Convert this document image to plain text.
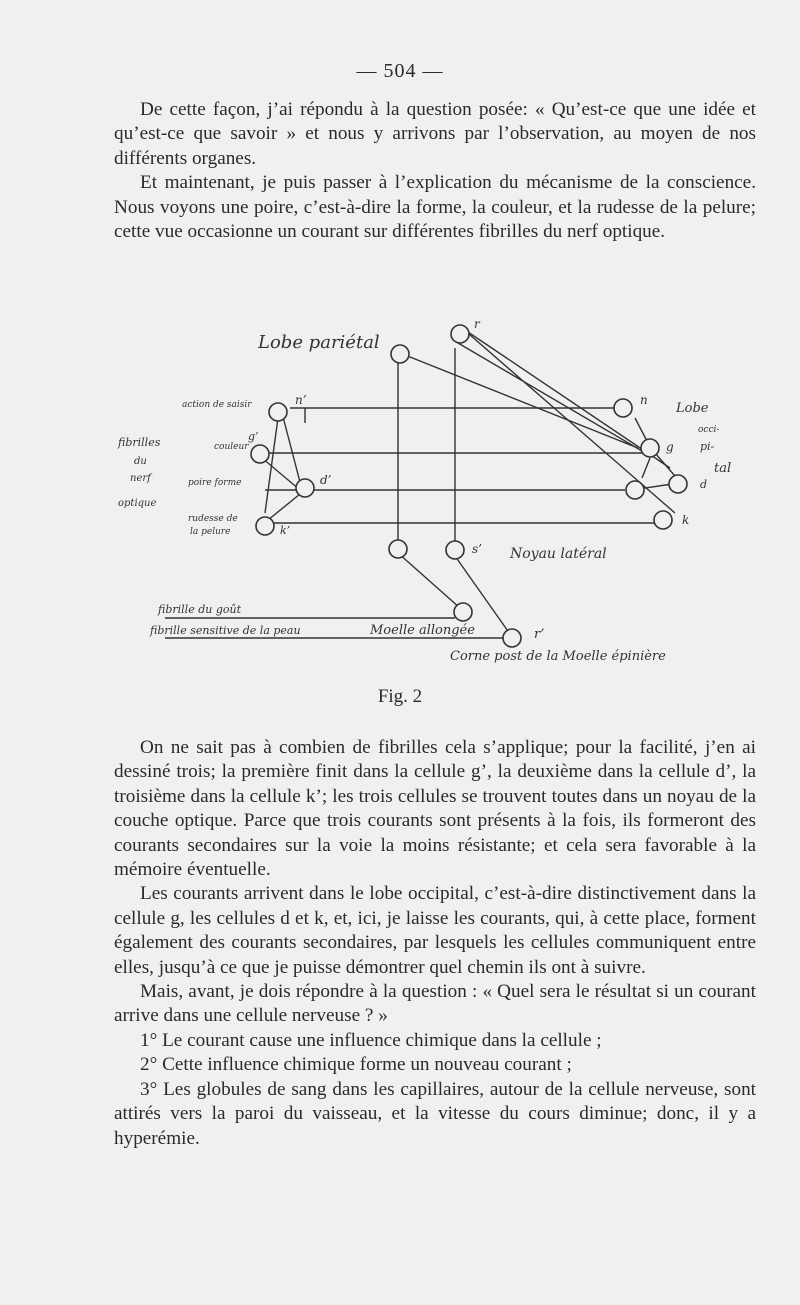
— 504 —

De cette façon, j’ai répondu à la question posée: « Qu’est-ce que une idée et qu’est-ce que savoir » et nous y arrivons par l’observation, au moyen de nos différents organes.

Et maintenant, je puis passer à l’explication du mécanisme de la conscience. Nous voyons une poire, c’est-à-dire la forme, la couleur, et la rudesse de la pelure; cette vue occasionne un courant sur différentes fibrilles du nerf optique.

Lobe pariétal
r
action de saisir	n’	n
Lobe
occi-
pi-
tal
d
fibrilles
du
nerf
optique
couleur
g’
g
poire forme	d’
rudesse de
la pelure	k’
k
s’ Noyau latéral
fibrille du goût
fibrille sensitive de la peau	Moelle allongée	r’
Corne post de la Moelle épinière
Fig. 2

On ne sait pas à combien de fibrilles cela s’applique; pour la facilité, j’en ai dessiné trois; la première finit dans la cellule g’, la deuxième dans la cellule d’, la troisième dans la cellule k’; les trois cellules se trouvent toutes dans un noyau de la couche optique. Parce que trois courants sont présents à la fois, ils formeront des courants secondaires sur la voie la moins résistante; et cela sera favorable à la mémoire éventuelle.

Les courants arrivent dans le lobe occipital, c’est-à-dire distinctivement dans la cellule g, les cellules d et k, et, ici, je laisse les courants, qui, à cette place, forment également des courants secondaires, par lesquels les cellules communiquent entre elles, jusqu’à ce que je puisse démontrer quel chemin ils ont à suivre.

Mais, avant, je dois répondre à la question : « Quel sera le résultat si un courant arrive dans une cellule nerveuse ? »

1° Le courant cause une influence chimique dans la cellule ;

2° Cette influence chimique forme un nouveau courant ;

3° Les globules de sang dans les capillaires, autour de la cellule nerveuse, sont attirés vers la paroi du vaisseau, et la vitesse du cours diminue; donc, il y a hyperémie.
